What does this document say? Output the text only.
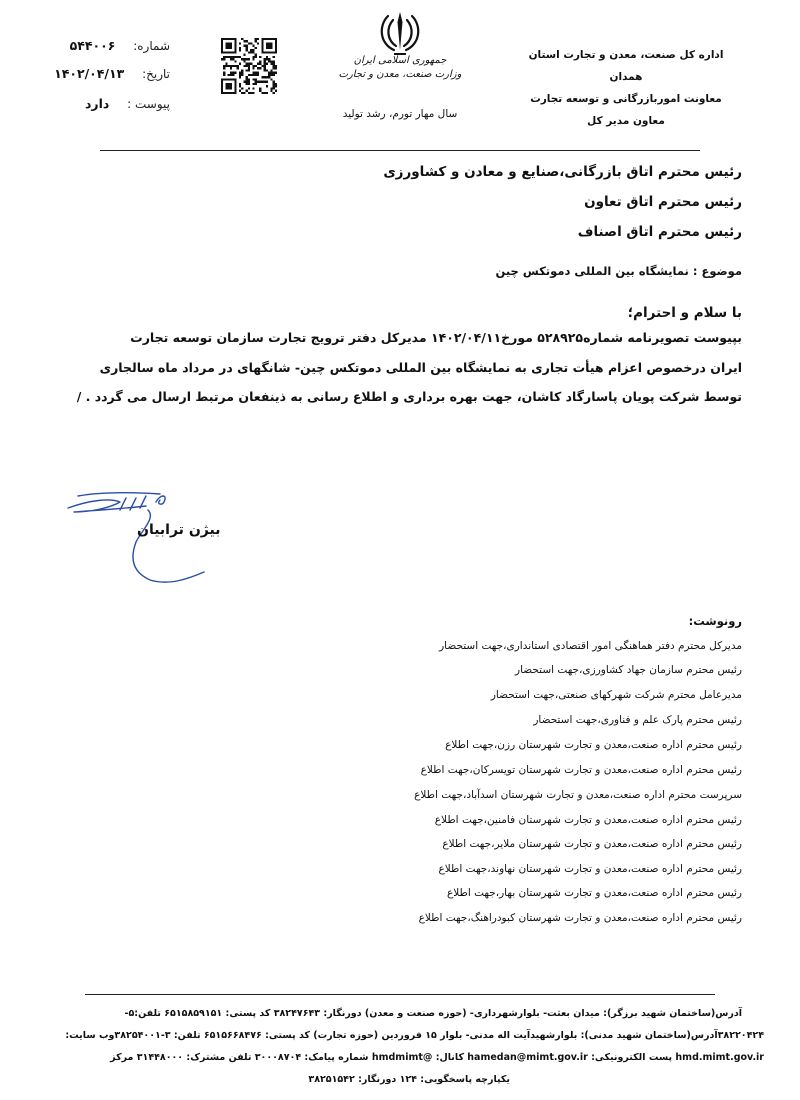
اداره کل صنعت، معدن و تجارت استان همدان
معاونت اموربازرگانی و توسعه تجارت
معاون مدیر کل
جمهوری اسلامی ایران
وزارت صنعت، معدن و تجارت
سال مهار تورم، رشد تولید
شماره: ۵۴۴۰۰۶
تاریخ: ۱۴۰۲/۰۴/۱۳
پیوست : دارد
رئیس محترم اتاق بازرگانی،صنایع و معادن و کشاورزی
رئیس محترم اتاق تعاون
رئیس محترم اتاق اصناف
موضوع : نمایشگاه بین المللی دموتکس چین
با سلام و احترام؛
بپیوست تصویرنامه شماره۵۲۸۹۲۵ مورخ۱۴۰۲/۰۴/۱۱ مدیرکل دفتر ترویج تجارت سازمان توسعه تجارت
ایران درخصوص اعزام هیأت تجاری به نمایشگاه بین المللی دموتکس چین- شانگهای در مرداد ماه سالجاری
توسط شرکت پویان پاسارگاد کاشان، جهت بهره برداری و اطلاع رسانی به ذینفعان مرتبط ارسال می گردد . /
بیژن ترابیان
رونوشت:
مدیرکل محترم دفتر هماهنگی امور اقتصادی استانداری،جهت استحضار
رئیس محترم سازمان جهاد کشاورزی،جهت استحضار
مدیرعامل محترم شرکت شهرکهای صنعتی،جهت استحضار
رئیس محترم پارک علم و فناوری،جهت استحضار
رئیس محترم اداره صنعت،معدن و تجارت شهرستان رزن،جهت اطلاع
رئیس محترم اداره صنعت،معدن و تجارت شهرستان تویسرکان،جهت اطلاع
سرپرست محترم اداره صنعت،معدن و تجارت شهرستان اسدآباد،جهت اطلاع
رئیس محترم اداره صنعت،معدن و تجارت شهرستان فامنین،جهت اطلاع
رئیس محترم اداره صنعت،معدن و تجارت شهرستان ملایر،جهت اطلاع
رئیس محترم اداره صنعت،معدن و تجارت شهرستان نهاوند،جهت اطلاع
رئیس محترم اداره صنعت،معدن و تجارت شهرستان بهار،جهت اطلاع
رئیس محترم اداره صنعت،معدن و تجارت شهرستان کبودراهنگ،جهت اطلاع
آدرس(ساختمان شهید برزگر): میدان بعثت- بلوارشهرداری- (حوزه صنعت و معدن) دورنگار: ۳۸۲۴۷۶۴۳ کد پستی: ۶۵۱۵۸۵۹۱۵۱ تلفن:۵-
۳۸۲۲۰۴۲۴آدرس(ساختمان شهید مدنی): بلوارشهیدآیت اله مدنی- بلوار ۱۵ فروردین (حوزه تجارت) کد پستی: ۶۵۱۵۶۶۸۴۷۶ تلفن: ۳-۳۸۲۵۴۰۰۱وب سایت:
hmd.mimt.gov.ir پست الکترونیکی: hamedan@mimt.gov.ir کانال: @hmdmimt شماره پیامک: ۳۰۰۰۸۷۰۴ تلفن مشترک: ۳۱۴۴۸۰۰۰ مرکز
یکپارچه پاسخگویی: ۱۲۴ دورنگار: ۳۸۲۵۱۵۴۲
